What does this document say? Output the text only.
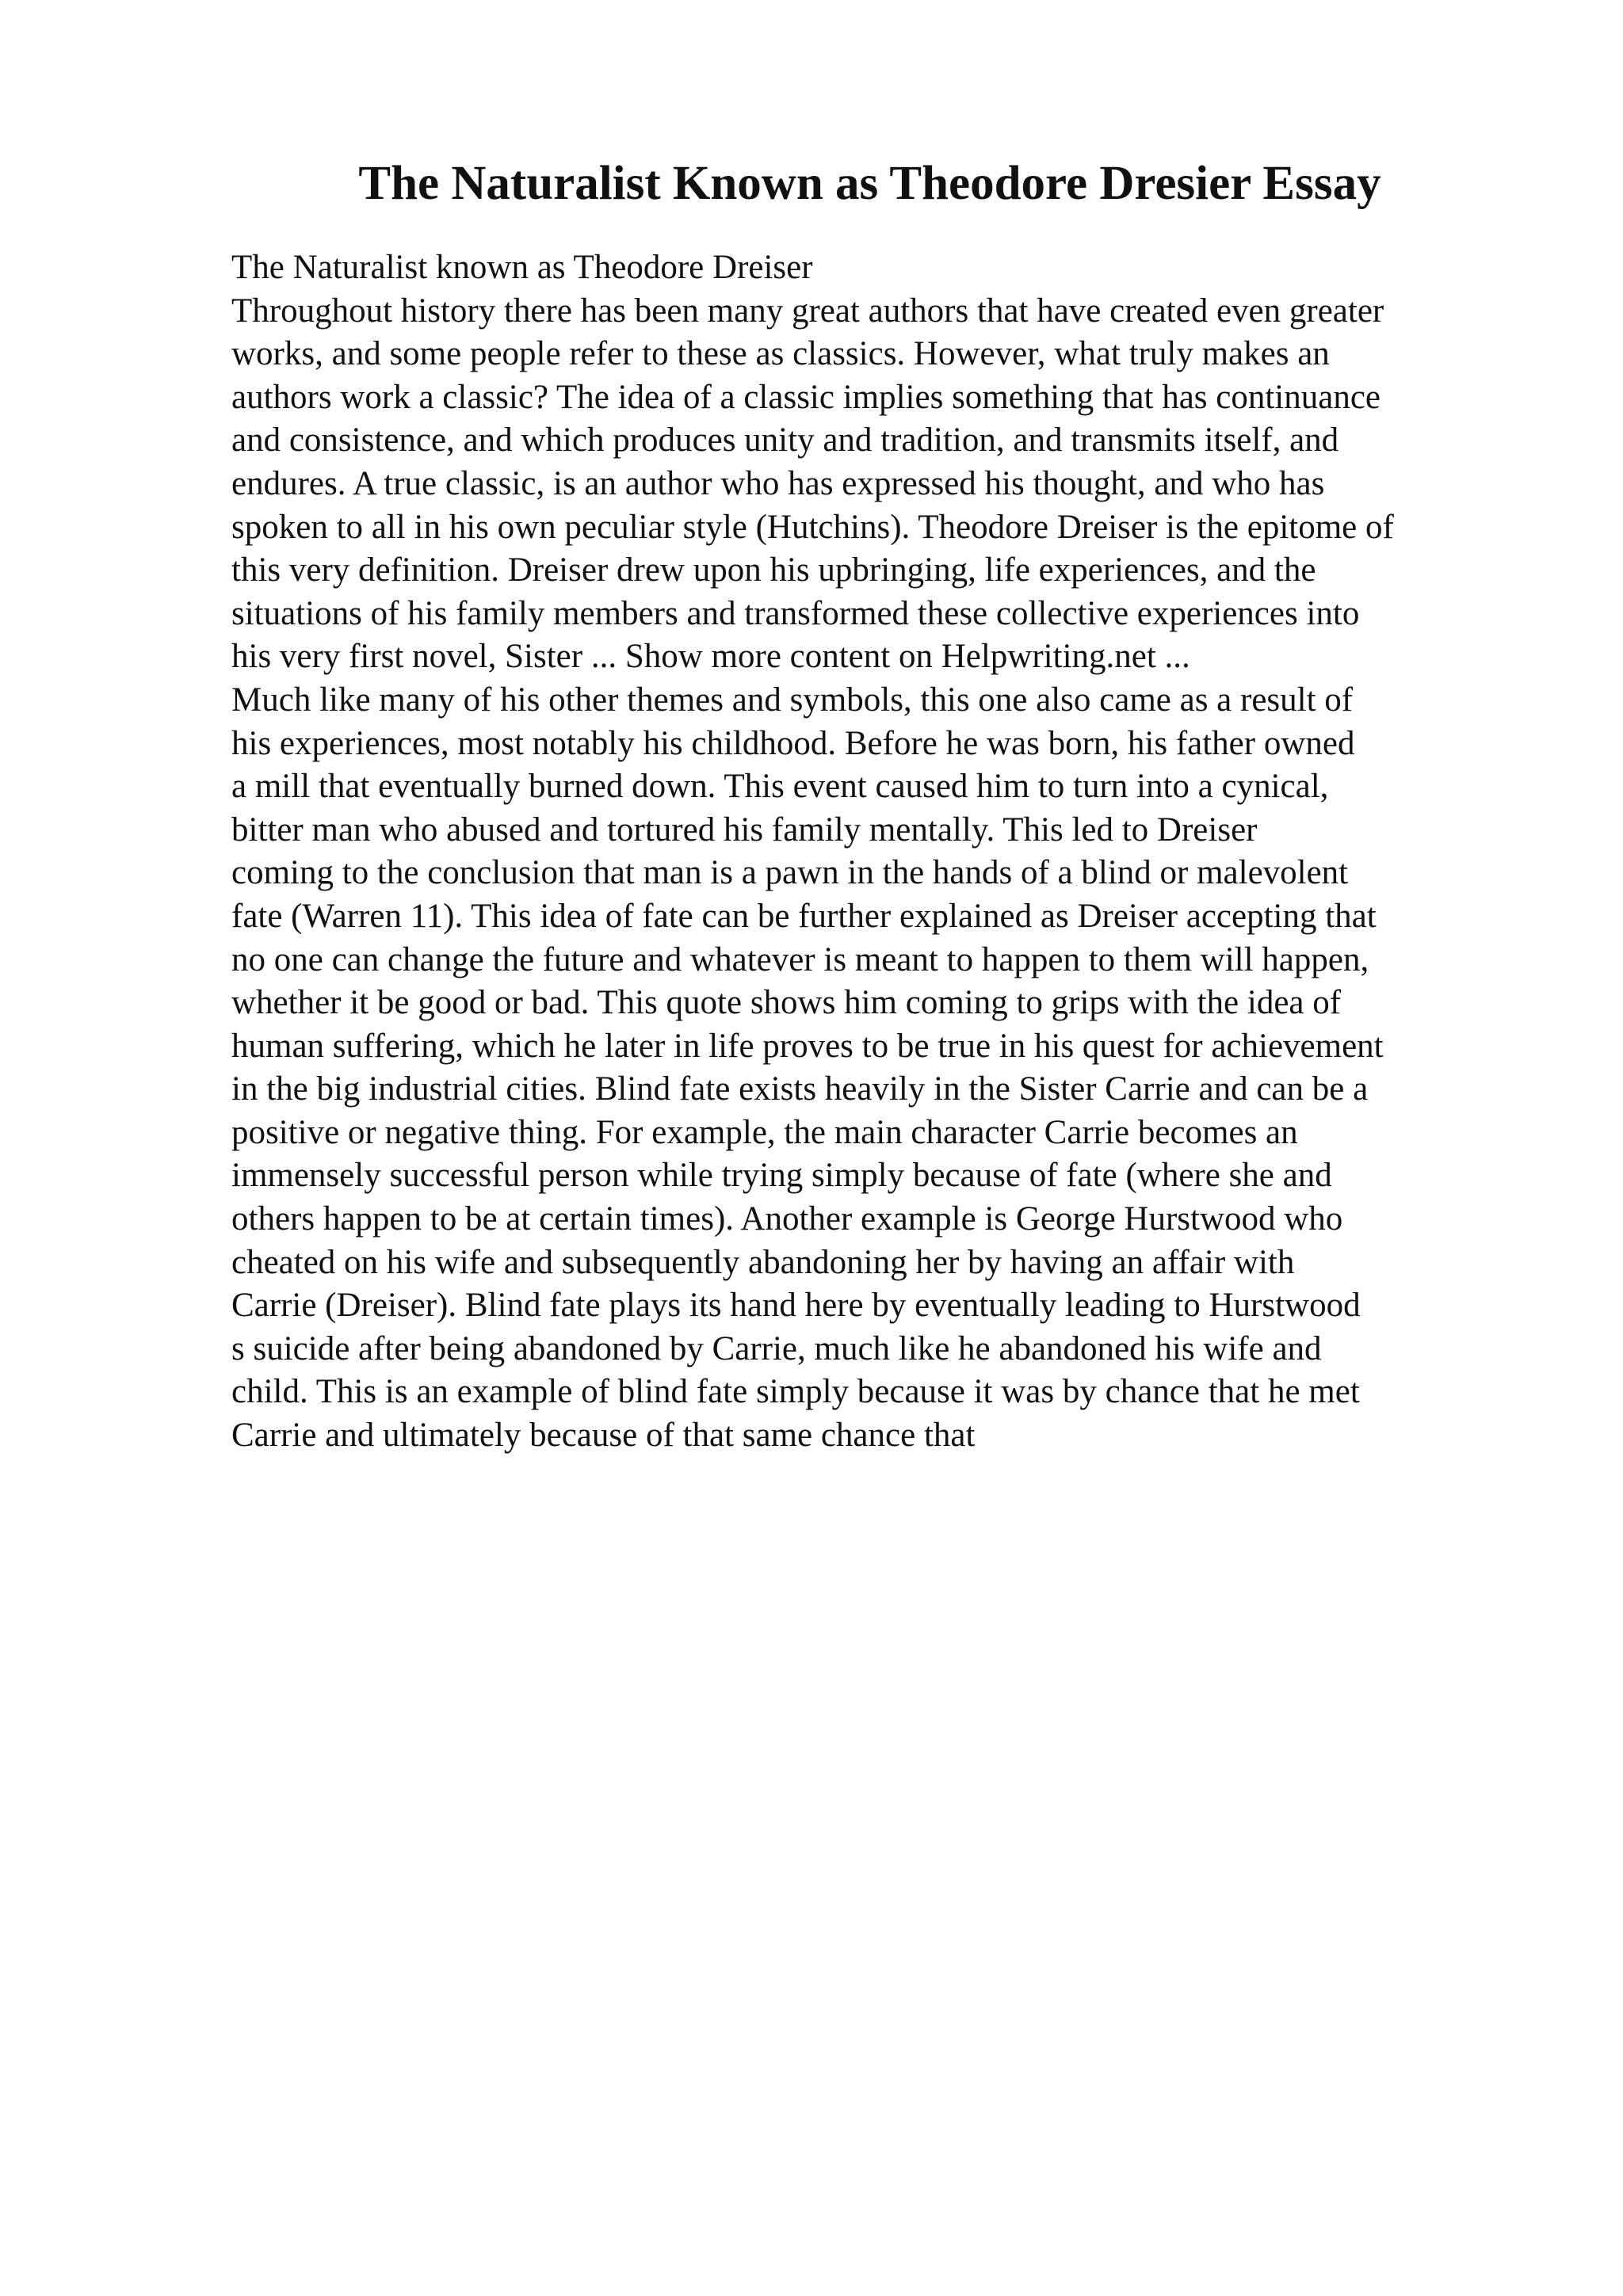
The Naturalist Known as Theodore Dresier Essay
The Naturalist known as Theodore Dreiser
Throughout history there has been many great authors that have created even greater
works, and some people refer to these as classics. However, what truly makes an
authors work a classic? The idea of a classic implies something that has continuance
and consistence, and which produces unity and tradition, and transmits itself, and
endures. A true classic, is an author who has expressed his thought, and who has
spoken to all in his own peculiar style (Hutchins). Theodore Dreiser is the epitome of
this very definition. Dreiser drew upon his upbringing, life experiences, and the
situations of his family members and transformed these collective experiences into
his very first novel, Sister ... Show more content on Helpwriting.net ...
Much like many of his other themes and symbols, this one also came as a result of
his experiences, most notably his childhood. Before he was born, his father owned
a mill that eventually burned down. This event caused him to turn into a cynical,
bitter man who abused and tortured his family mentally. This led to Dreiser
coming to the conclusion that man is a pawn in the hands of a blind or malevolent
fate (Warren 11). This idea of fate can be further explained as Dreiser accepting that
no one can change the future and whatever is meant to happen to them will happen,
whether it be good or bad. This quote shows him coming to grips with the idea of
human suffering, which he later in life proves to be true in his quest for achievement
in the big industrial cities. Blind fate exists heavily in the Sister Carrie and can be a
positive or negative thing. For example, the main character Carrie becomes an
immensely successful person while trying simply because of fate (where she and
others happen to be at certain times). Another example is George Hurstwood who
cheated on his wife and subsequently abandoning her by having an affair with
Carrie (Dreiser). Blind fate plays its hand here by eventually leading to Hurstwood
s suicide after being abandoned by Carrie, much like he abandoned his wife and
child. This is an example of blind fate simply because it was by chance that he met
Carrie and ultimately because of that same chance that
